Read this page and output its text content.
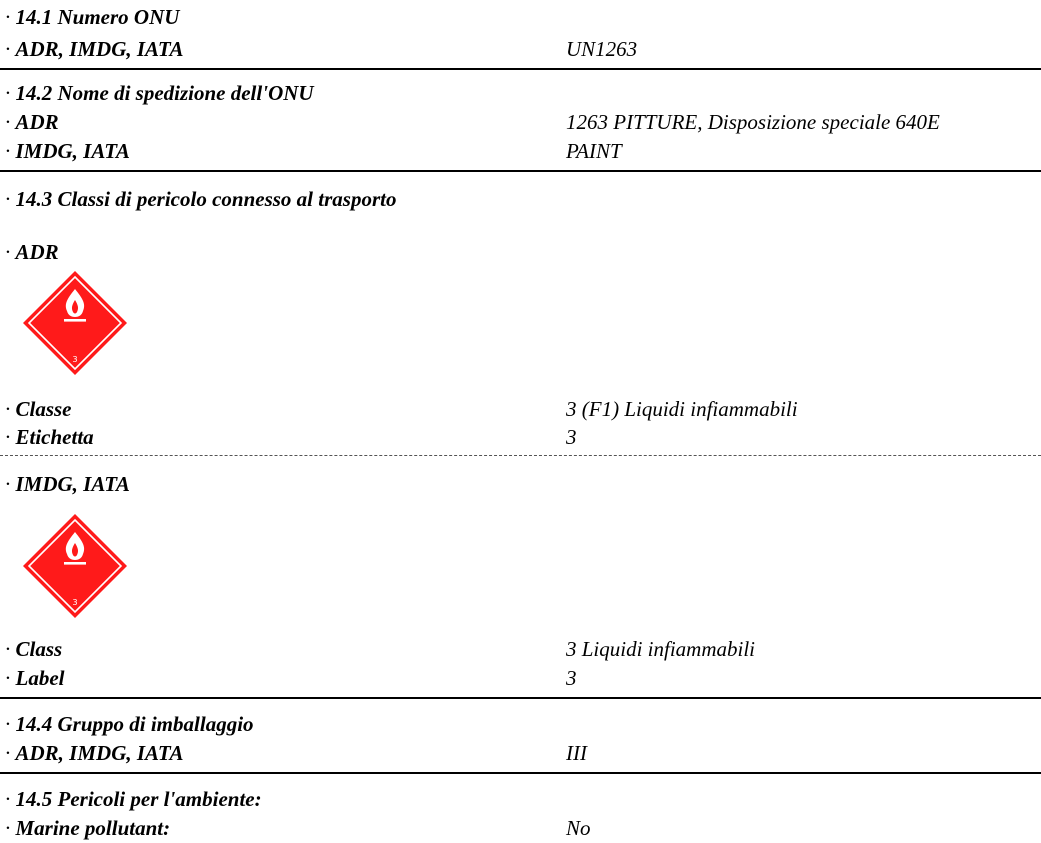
· 14.1 Numero ONU
· ADR, IMDG, IATA	UN1263
· 14.2 Nome di spedizione dell'ONU
· ADR	1263 PITTURE, Disposizione speciale 640E
· IMDG, IATA	PAINT
· 14.3 Classi di pericolo connesso al trasporto
· ADR
3
· Classe	3 (F1) Liquidi infiammabili
· Etichetta	3
· IMDG, IATA
3
· Class	3 Liquidi infiammabili
· Label	3
· 14.4 Gruppo di imballaggio
· ADR, IMDG, IATA	III
· 14.5 Pericoli per l'ambiente:
· Marine pollutant:	No
